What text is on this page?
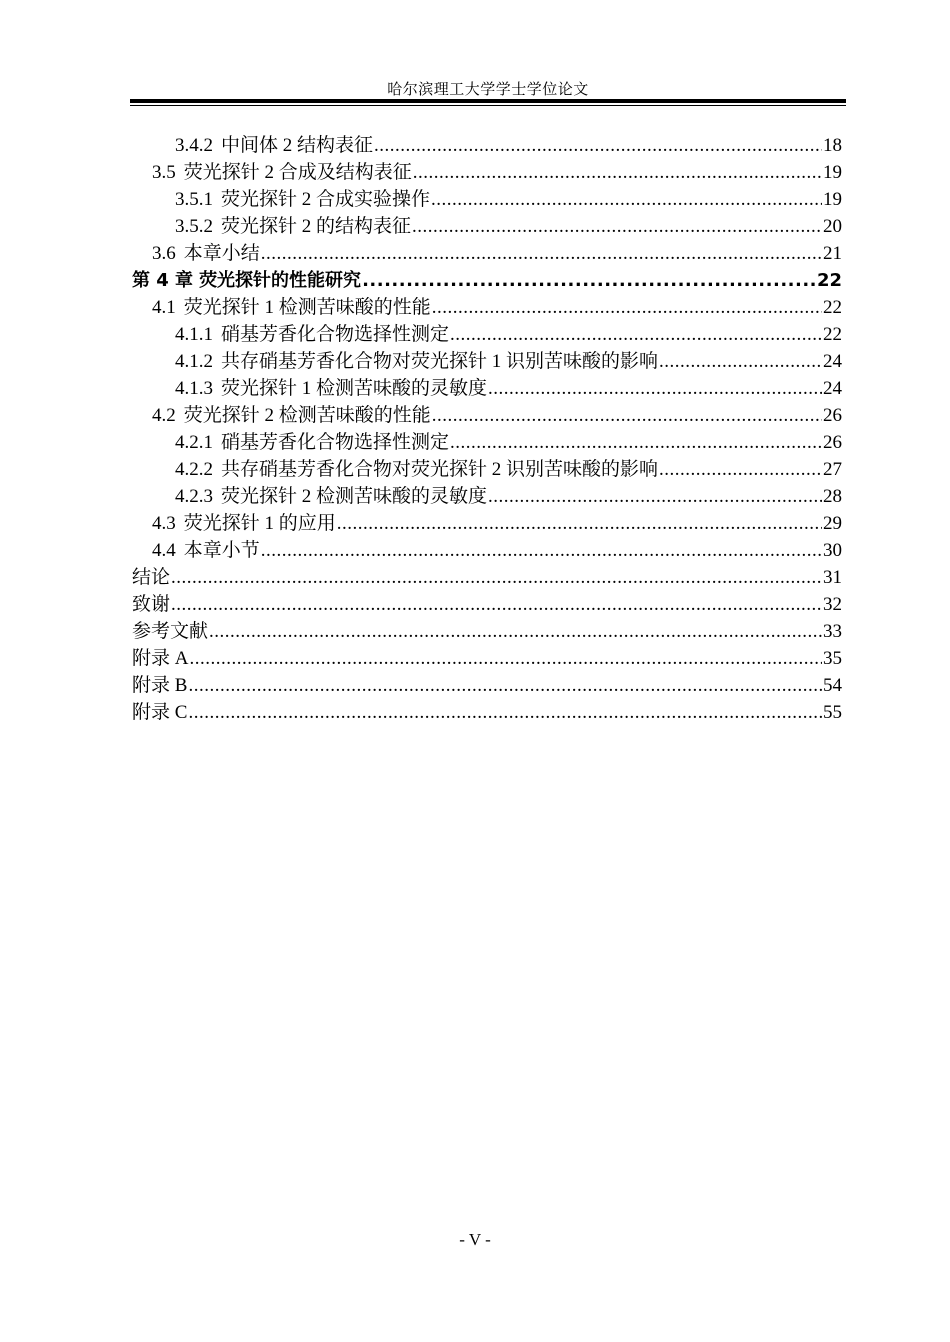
哈尔滨理工大学学士学位论文
3.4.2 中间体 2 结构表征 .....	18
3.5 荧光探针 2 合成及结构表征 .....	19
3.5.1 荧光探针 2 合成实验操作 .....	19
3.5.2 荧光探针 2 的结构表征 .....	20
3.6 本章小结 .....	21
第 4 章 荧光探针的性能研究 .....	22
4.1 荧光探针 1 检测苦味酸的性能 .....	22
4.1.1 硝基芳香化合物选择性测定 .....	22
4.1.2 共存硝基芳香化合物对荧光探针 1 识别苦味酸的影响 .....	24
4.1.3 荧光探针 1 检测苦味酸的灵敏度 .....	24
4.2 荧光探针 2 检测苦味酸的性能 .....	26
4.2.1 硝基芳香化合物选择性测定 .....	26
4.2.2 共存硝基芳香化合物对荧光探针 2 识别苦味酸的影响 .....	27
4.2.3 荧光探针 2 检测苦味酸的灵敏度 .....	28
4.3 荧光探针 1 的应用 .....	29
4.4 本章小节 .....	30
结论 .....	31
致谢 .....	32
参考文献 .....	33
附录 A .....	35
附录 B .....	54
附录 C .....	55
- V -
